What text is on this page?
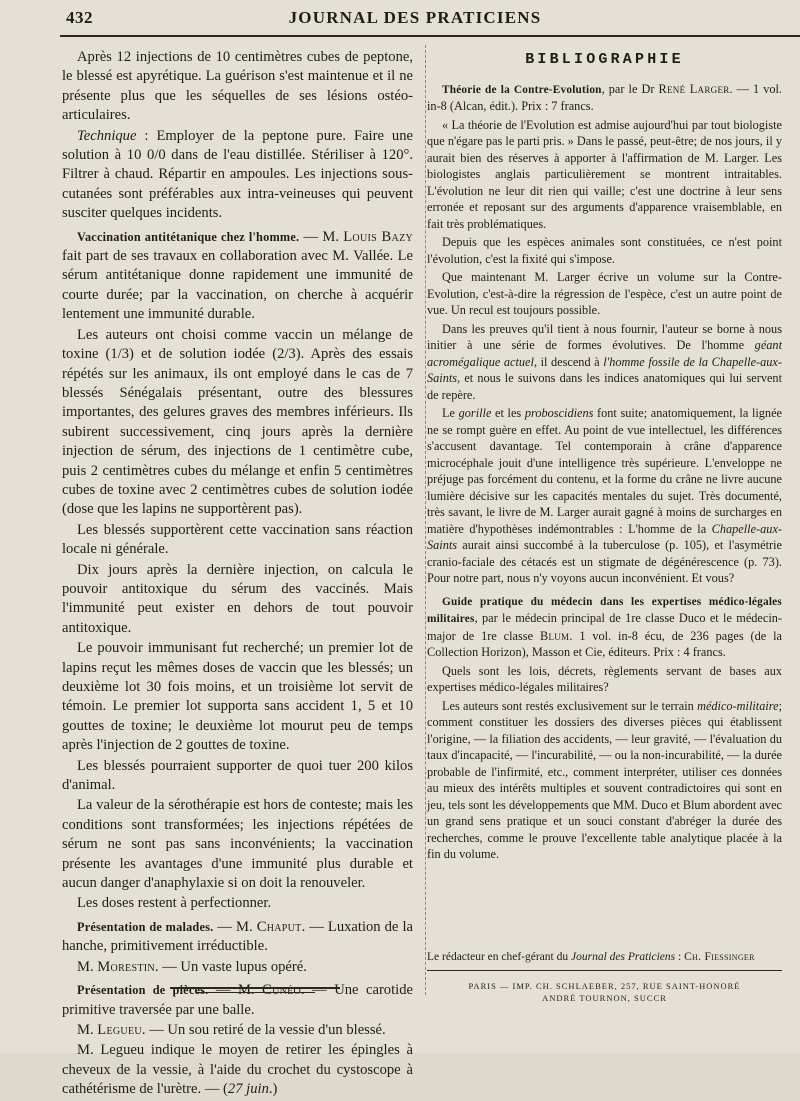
432	JOURNAL DES PRATICIENS

Après 12 injections de 10 centimètres cubes de peptone, le blessé est apyrétique. La guérison s'est maintenue et il ne présente plus que les séquelles de ses lésions ostéo-articulaires.

Technique : Employer de la peptone pure. Faire une solution à 10 0/0 dans de l'eau distillée. Stériliser à 120°. Filtrer à chaud. Répartir en ampoules. Les injections sous-cutanées sont préférables aux intra-veineuses qui peuvent susciter quelques incidents.

Vaccination antitétanique chez l'homme. — M. Louis Bazy fait part de ses travaux en collaboration avec M. Vallée. Le sérum antitétanique donne rapidement une immunité de courte durée; par la vaccination, on cherche à acquérir lentement une immunité durable.

Les auteurs ont choisi comme vaccin un mélange de toxine (1/3) et de solution iodée (2/3). Après des essais répétés sur les animaux, ils ont employé dans le cas de 7 blessés Sénégalais présentant, outre des blessures importantes, des gelures graves des membres inférieurs. Ils subirent successivement, cinq jours après la dernière injection de sérum, des injections de 1 centimètre cube, puis 2 centimètres cubes du mélange et enfin 5 centimètres cubes de toxine avec 2 centimètres cubes de solution iodée (dose que les lapins ne supportèrent pas).

Les blessés supportèrent cette vaccination sans réaction locale ni générale.

Dix jours après la dernière injection, on calcula le pouvoir antitoxique du sérum des vaccinés. Mais l'immunité peut exister en dehors de tout pouvoir antitoxique.

Le pouvoir immunisant fut recherché; un premier lot de lapins reçut les mêmes doses de vaccin que les blessés; un deuxième lot 30 fois moins, et un troisième lot servit de témoin. Le premier lot supporta sans accident 1, 5 et 10 gouttes de toxine; le deuxième lot mourut peu de temps après l'injection de 2 gouttes de toxine.

Les blessés pourraient supporter de quoi tuer 200 kilos d'animal.

La valeur de la sérothérapie est hors de conteste; mais les conditions sont transformées; les injections répétées de sérum ne sont pas sans inconvénients; la vaccination présente les avantages d'une immunité plus durable et aucun danger d'anaphylaxie si on doit la renouveler.

Les doses restent à perfectionner.

Présentation de malades. — M. Chaput. — Luxation de la hanche, primitivement irréductible.

M. Morestin. — Un vaste lupus opéré.

Présentation de pièces. — M. Cunéo. — Une carotide primitive traversée par une balle.

M. Legueu. — Un sou retiré de la vessie d'un blessé.

M. Legueu indique le moyen de retirer les épingles à cheveux de la vessie, à l'aide du crochet du cystoscope à cathétérisme de l'urètre. — (27 juin.)

BIBLIOGRAPHIE

Théorie de la Contre-Evolution, par le Dr René Larger. — 1 vol. in-8 (Alcan, édit.). Prix : 7 francs.

« La théorie de l'Evolution est admise aujourd'hui par tout biologiste que n'égare pas le parti pris. » Dans le passé, peut-être; de nos jours, il y aurait bien des réserves à apporter à l'affirmation de M. Larger. Les biologistes anglais particulièrement se montrent intraitables. L'évolution ne leur dit rien qui vaille; c'est une doctrine à leur sens erronée et reposant sur des arguments d'apparence vraisemblable, en fait très problématiques.

Depuis que les espèces animales sont constituées, ce n'est point l'évolution, c'est la fixité qui s'impose.

Que maintenant M. Larger écrive un volume sur la Contre-Evolution, c'est-à-dire la régression de l'espèce, c'est un autre point de vue. Un recul est toujours possible.

Dans les preuves qu'il tient à nous fournir, l'auteur se borne à nous initier à une série de formes évolutives. De l'homme géant acromégalique actuel, il descend à l'homme fossile de la Chapelle-aux-Saints, et nous le suivons dans les indices anatomiques qui lui servent de repère.

Le gorille et les proboscidiens font suite; anatomiquement, la lignée ne se rompt guère en effet. Au point de vue intellectuel, les différences s'accusent davantage. Tel contemporain à crâne d'apparence microcéphale jouit d'une intelligence très supérieure. L'enveloppe ne préjuge pas forcément du contenu, et la forme du crâne ne livre aucune lumière décisive sur les capacités mentales du sujet. Très documenté, très savant, le livre de M. Larger aurait gagné à moins de surcharges en matière d'hypothèses indémontrables : L'homme de la Chapelle-aux-Saints aurait ainsi succombé à la tuberculose (p. 105), et l'asymétrie cranio-faciale des cétacés est un stigmate de dégénérescence (p. 73). Pour notre part, nous n'y voyons aucun inconvénient. Et vous?

Guide pratique du médecin dans les expertises médico-légales militaires, par le médecin principal de 1re classe Duco et le médecin-major de 1re classe Blum. 1 vol. in-8 écu, de 236 pages (de la Collection Horizon), Masson et Cie, éditeurs. Prix : 4 francs.

Quels sont les lois, décrets, règlements servant de bases aux expertises médico-légales militaires?

Les auteurs sont restés exclusivement sur le terrain médico-militaire; comment constituer les dossiers des diverses pièces qui établissent l'origine, — la filiation des accidents, — leur gravité, — l'évaluation du taux d'incapacité, — l'incurabilité, — ou la non-incurabilité, — la durée probable de l'infirmité, etc., comment interpréter, utiliser ces données au mieux des intérêts multiples et souvent contradictoires qui sont en jeu, tels sont les développements que MM. Duco et Blum abordent avec un grand sens pratique et un souci constant d'abréger la durée des recherches, comme le prouve l'excellente table analytique placée à la fin du volume.

Le rédacteur en chef-gérant du Journal des Praticiens : Ch. Fiessinger
PARIS — IMP. CH. SCHLAEBER, 257, RUE SAINT-HONORÉ
ANDRÉ TOURNON, SUCCR
